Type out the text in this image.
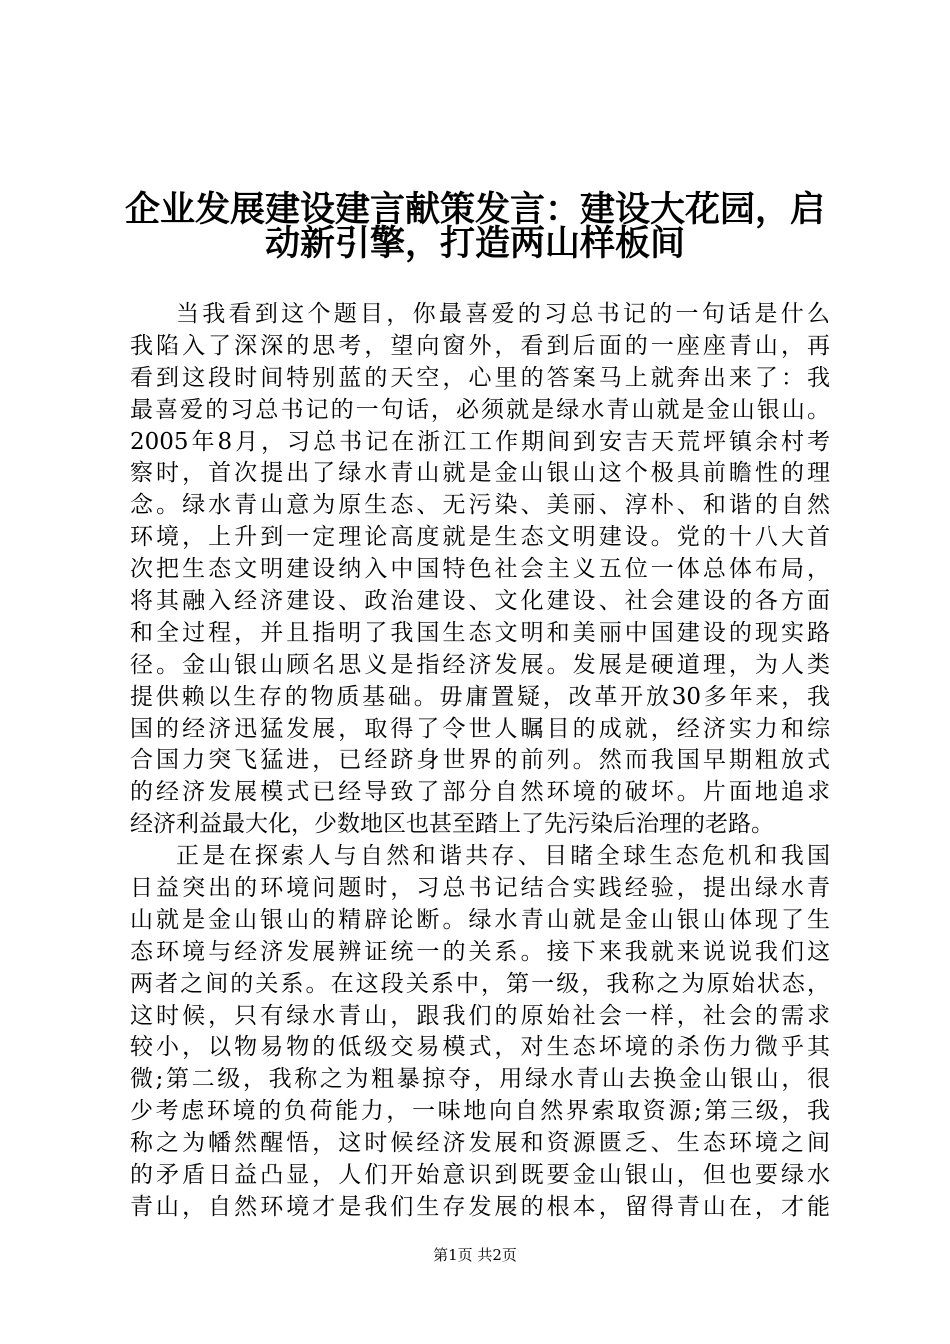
企业发展建设建言献策发言：建设大花园，启
动新引擎，打造两山样板间
当我看到这个题目，你最喜爱的习总书记的一句话是什么
我陷入了深深的思考，望向窗外，看到后面的一座座青山，再
看到这段时间特别蓝的天空，心里的答案马上就奔出来了：我
最喜爱的习总书记的一句话，必须就是绿水青山就是金山银山。
2005年8月，习总书记在浙江工作期间到安吉天荒坪镇余村考
察时，首次提出了绿水青山就是金山银山这个极具前瞻性的理
念。绿水青山意为原生态、无污染、美丽、淳朴、和谐的自然
环境，上升到一定理论高度就是生态文明建设。党的十八大首
次把生态文明建设纳入中国特色社会主义五位一体总体布局，
将其融入经济建设、政治建设、文化建设、社会建设的各方面
和全过程，并且指明了我国生态文明和美丽中国建设的现实路
径。金山银山顾名思义是指经济发展。发展是硬道理，为人类
提供赖以生存的物质基础。毋庸置疑，改革开放30多年来，我
国的经济迅猛发展，取得了令世人瞩目的成就，经济实力和综
合国力突飞猛进，已经跻身世界的前列。然而我国早期粗放式
的经济发展模式已经导致了部分自然环境的破坏。片面地追求
经济利益最大化，少数地区也甚至踏上了先污染后治理的老路。
正是在探索人与自然和谐共存、目睹全球生态危机和我国
日益突出的环境问题时，习总书记结合实践经验，提出绿水青
山就是金山银山的精辟论断。绿水青山就是金山银山体现了生
态环境与经济发展辨证统一的关系。接下来我就来说说我们这
两者之间的关系。在这段关系中，第一级，我称之为原始状态，
这时候，只有绿水青山，跟我们的原始社会一样，社会的需求
较小，以物易物的低级交易模式，对生态坏境的杀伤力微乎其
微;第二级，我称之为粗暴掠夺，用绿水青山去换金山银山，很
少考虑环境的负荷能力，一味地向自然界索取资源;第三级，我
称之为幡然醒悟，这时候经济发展和资源匮乏、生态环境之间
的矛盾日益凸显，人们开始意识到既要金山银山，但也要绿水
青山，自然环境才是我们生存发展的根本，留得青山在，才能
第1页 共2页
